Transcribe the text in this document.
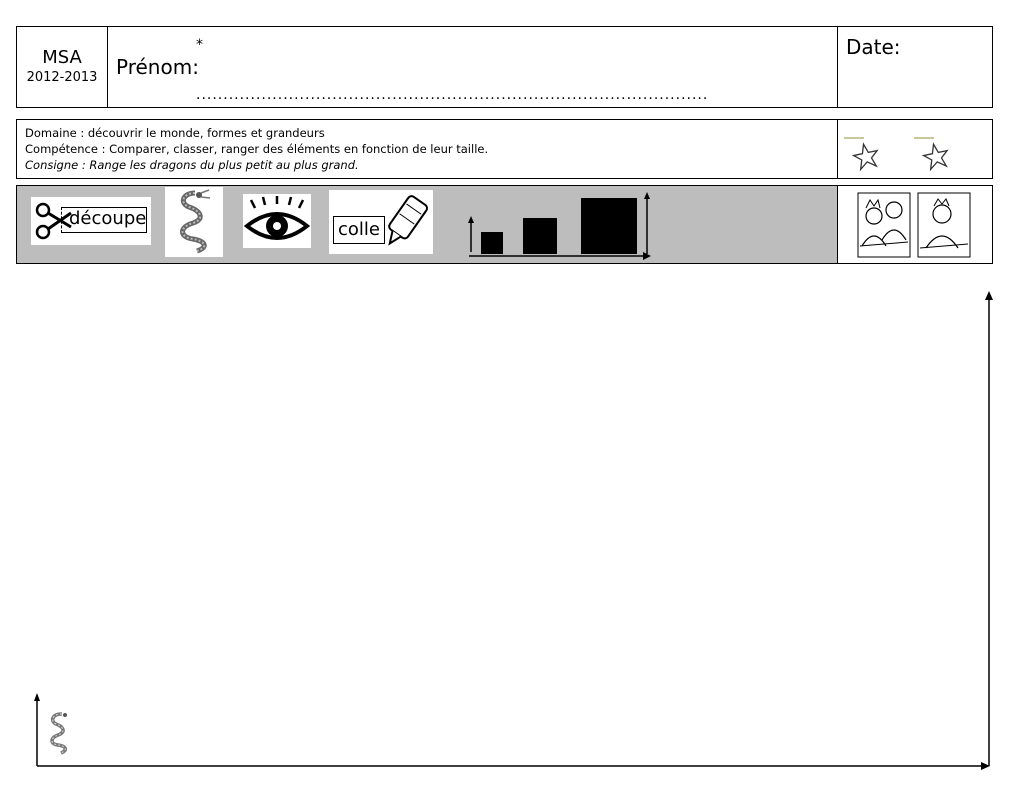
MSA
2012-2013 Prénom:
*
..............................................................................................
Date:
Domaine : découvrir le monde, formes et grandeurs
Compétence : Comparer, classer, ranger des éléments en fonction de leur taille.
Consigne : Range les dragons du plus petit au plus grand.
découpe
colle
